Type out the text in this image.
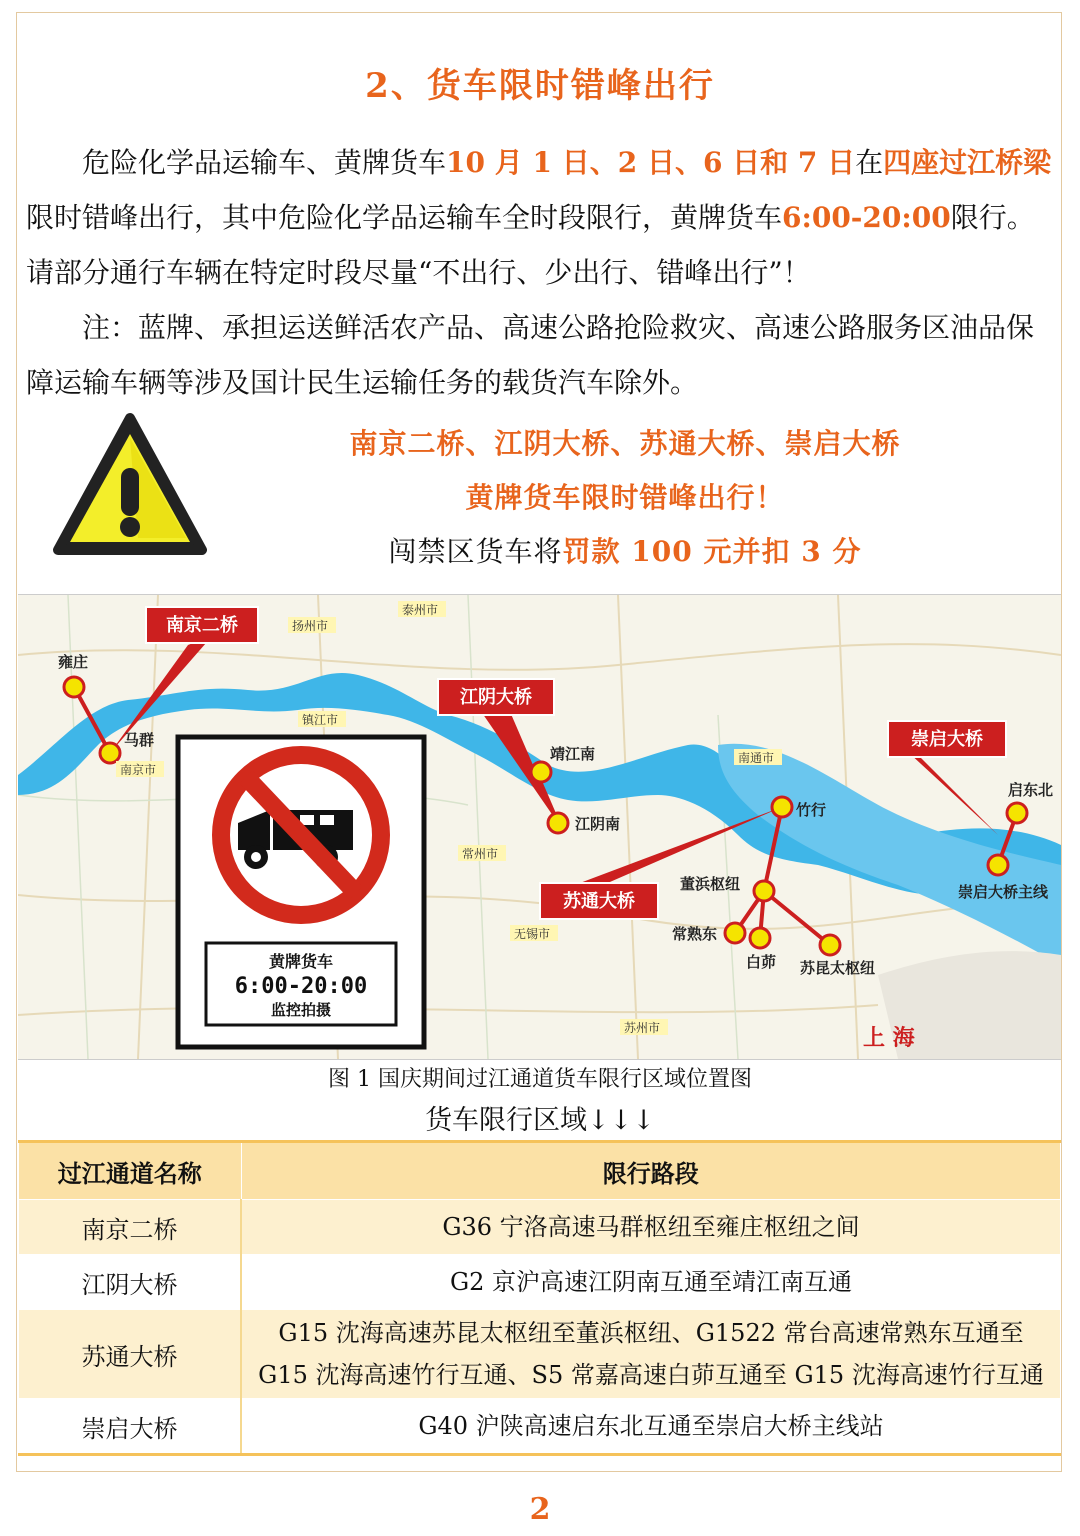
2、货车限时错峰出行
危险化学品运输车、黄牌货车10 月 1 日、2 日、6 日和 7 日在四座过江桥梁限时错峰出行，其中危险化学品运输车全时段限行，黄牌货车6:00-20:00限行。请部分通行车辆在特定时段尽量“不出行、少出行、错峰出行”！
注：蓝牌、承担运送鲜活农产品、高速公路抢险救灾、高速公路服务区油品保障运输车辆等涉及国计民生运输任务的载货汽车除外。
南京二桥、江阴大桥、苏通大桥、崇启大桥
黄牌货车限时错峰出行！
闯禁区货车将罚款 100 元并扣 3 分
南京二桥
江阴大桥
苏通大桥
崇启大桥
雍庄
马群
靖江南
江阴南
竹行
董浜枢纽
常熟东
白茆 苏昆太枢纽
启东北
崇启大桥主线
扬州市
泰州市
镇江市
南京市
常州市
无锡市
苏州市
南通市
上 海
黄牌货车
6:00-20:00
监控拍摄
图 1 国庆期间过江通道货车限行区域位置图
货车限行区域↓↓↓
过江通道名称	限行路段
南京二桥	G36 宁洛高速马群枢纽至雍庄枢纽之间
江阴大桥	G2 京沪高速江阴南互通至靖江南互通
苏通大桥	G15 沈海高速苏昆太枢纽至董浜枢纽、G1522 常台高速常熟东互通至G15 沈海高速竹行互通、S5 常嘉高速白茆互通至 G15 沈海高速竹行互通
崇启大桥	G40 沪陕高速启东北互通至崇启大桥主线站
2
